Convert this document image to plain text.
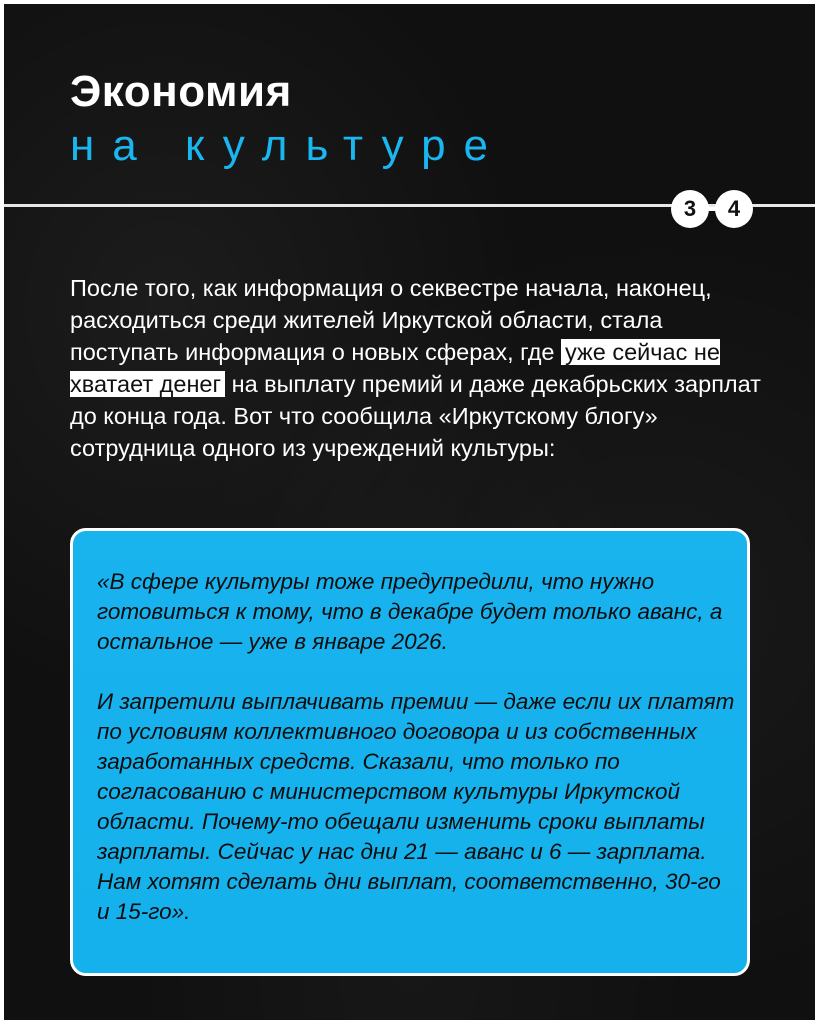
Экономия
на культуре
3	4

После того, как информация о секвестре начала, наконец, расходиться среди жителей Иркутской области, стала поступать информация о новых сферах, где уже сейчас не хватает денег на выплату премий и даже декабрьских зарплат до конца года. Вот что сообщила «Иркутскому блогу» сотрудница одного из учреждений культуры:

«В сфере культуры тоже предупредили, что нужно готовиться к тому, что в декабре будет только аванс, а остальное — уже в январе 2026.

И запретили выплачивать премии — даже если их платят по условиям коллективного договора и из собственных заработанных средств. Сказали, что только по согласованию с министерством культуры Иркутской области. Почему-то обещали изменить сроки выплаты зарплаты. Сейчас у нас дни 21 — аванс и 6 — зарплата. Нам хотят сделать дни выплат, соответственно, 30-го и 15-го».
